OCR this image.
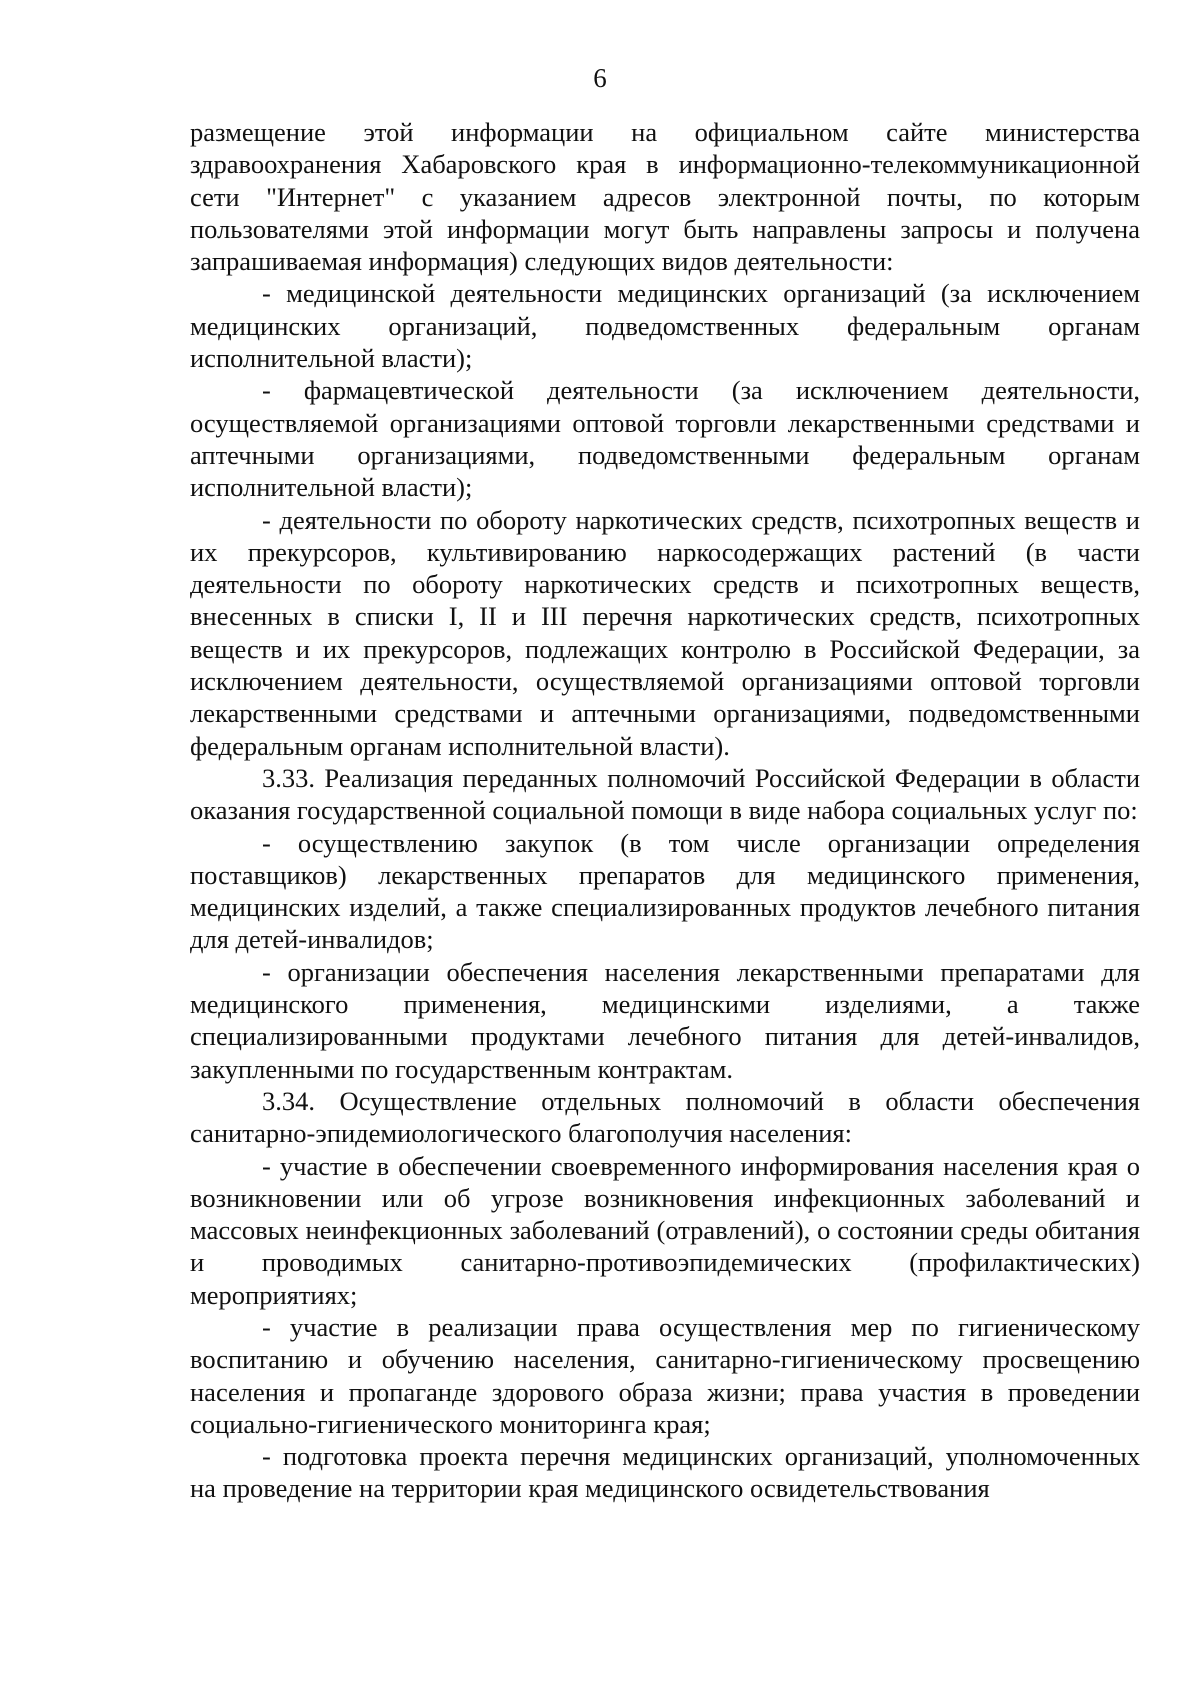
6

размещение этой информации на официальном сайте министерства здравоохранения Хабаровского края в информационно-телекоммуникационной сети "Интернет" с указанием адресов электронной почты, по которым пользователями этой информации могут быть направлены запросы и получена запрашиваемая информация) следующих видов деятельности:

- медицинской деятельности медицинских организаций (за исключением медицинских организаций, подведомственных федеральным органам исполнительной власти);

- фармацевтической деятельности (за исключением деятельности, осуществляемой организациями оптовой торговли лекарственными средствами и аптечными организациями, подведомственными федеральным органам исполнительной власти);

- деятельности по обороту наркотических средств, психотропных веществ и их прекурсоров, культивированию наркосодержащих растений (в части деятельности по обороту наркотических средств и психотропных веществ, внесенных в списки I, II и III перечня наркотических средств, психотропных веществ и их прекурсоров, подлежащих контролю в Российской Федерации, за исключением деятельности, осуществляемой организациями оптовой торговли лекарственными средствами и аптечными организациями, подведомственными федеральным органам исполнительной власти).

3.33. Реализация переданных полномочий Российской Федерации в области оказания государственной социальной помощи в виде набора социальных услуг по:

- осуществлению закупок (в том числе организации определения поставщиков) лекарственных препаратов для медицинского применения, медицинских изделий, а также специализированных продуктов лечебного питания для детей-инвалидов;

- организации обеспечения населения лекарственными препаратами для медицинского применения, медицинскими изделиями, а также специализированными продуктами лечебного питания для детей-инвалидов, закупленными по государственным контрактам.

3.34. Осуществление отдельных полномочий в области обеспечения санитарно-эпидемиологического благополучия населения:

- участие в обеспечении своевременного информирования населения края о возникновении или об угрозе возникновения инфекционных заболеваний и массовых неинфекционных заболеваний (отравлений), о состоянии среды обитания и проводимых санитарно-противоэпидемических (профилактических) мероприятиях;

- участие в реализации права осуществления мер по гигиеническому воспитанию и обучению населения, санитарно-гигиеническому просвещению населения и пропаганде здорового образа жизни; права участия в проведении социально-гигиенического мониторинга края;

- подготовка проекта перечня медицинских организаций, уполномоченных на проведение на территории края медицинского освидетельствования
